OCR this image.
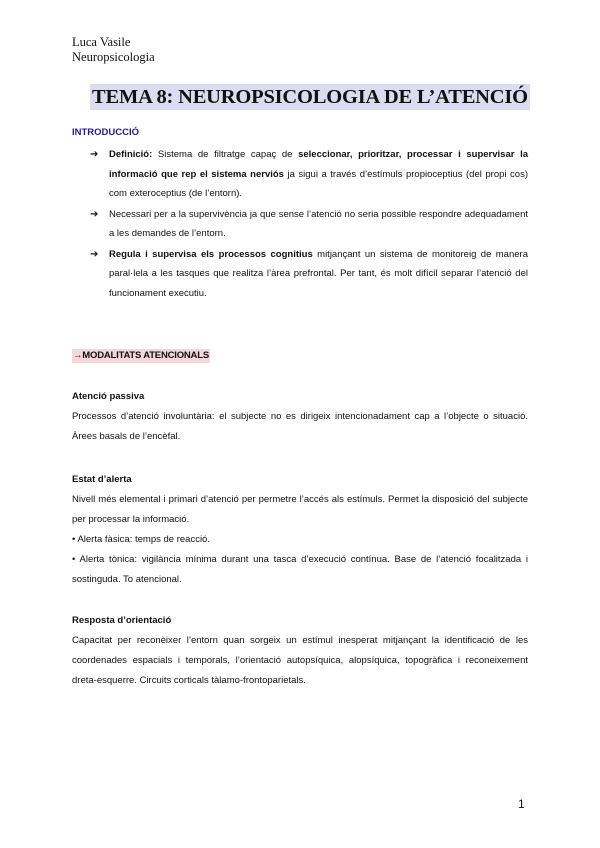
Luca Vasile
Neuropsicologia
TEMA 8: NEUROPSICOLOGIA DE L’ATENCIÓ
INTRODUCCIÓ
➔ Definició: Sistema de filtratge capaç de seleccionar, prioritzar, processar i supervisar la informació que rep el sistema nerviós ja sigui a través d’estímuls propioceptius (del propi cos) com exteroceptius (de l’entorn).
➔ Necessari per a la supervivència ja que sense l’atenció no seria possible respondre adequadament a les demandes de l’entorn.
➔ Regula i supervisa els processos cognitius mitjançant un sistema de monitoreig de manera paral·lela a les tasques que realitza l’àrea prefrontal. Per tant, és molt difícil separar l’atenció del funcionament executiu.
→MODALITATS ATENCIONALS
Atenció passiva

Processos d’atenció involuntària: el subjecte no es dirigeix intencionadament cap a l’objecte o situació. Àrees basals de l’encèfal.

Estat d’alerta

Nivell més elemental i primari d’atenció per permetre l’accés als estímuls. Permet la disposició del subjecte per processar la informació.

• Alerta fàsica: temps de reacció.

• Alerta tònica: vigilància mínima durant una tasca d’execució contínua. Base de l’atenció focalitzada i sostinguda. To atencional.

Resposta d’orientació

Capacitat per reconèixer l’entorn quan sorgeix un estímul inesperat mitjançant la identificació de les coordenades espacials i temporals, l’orientació autopsíquica, alopsíquica, topogràfica i reconeixement dreta-esquerre. Circuits corticals tàlamo-frontoparietals.

1
